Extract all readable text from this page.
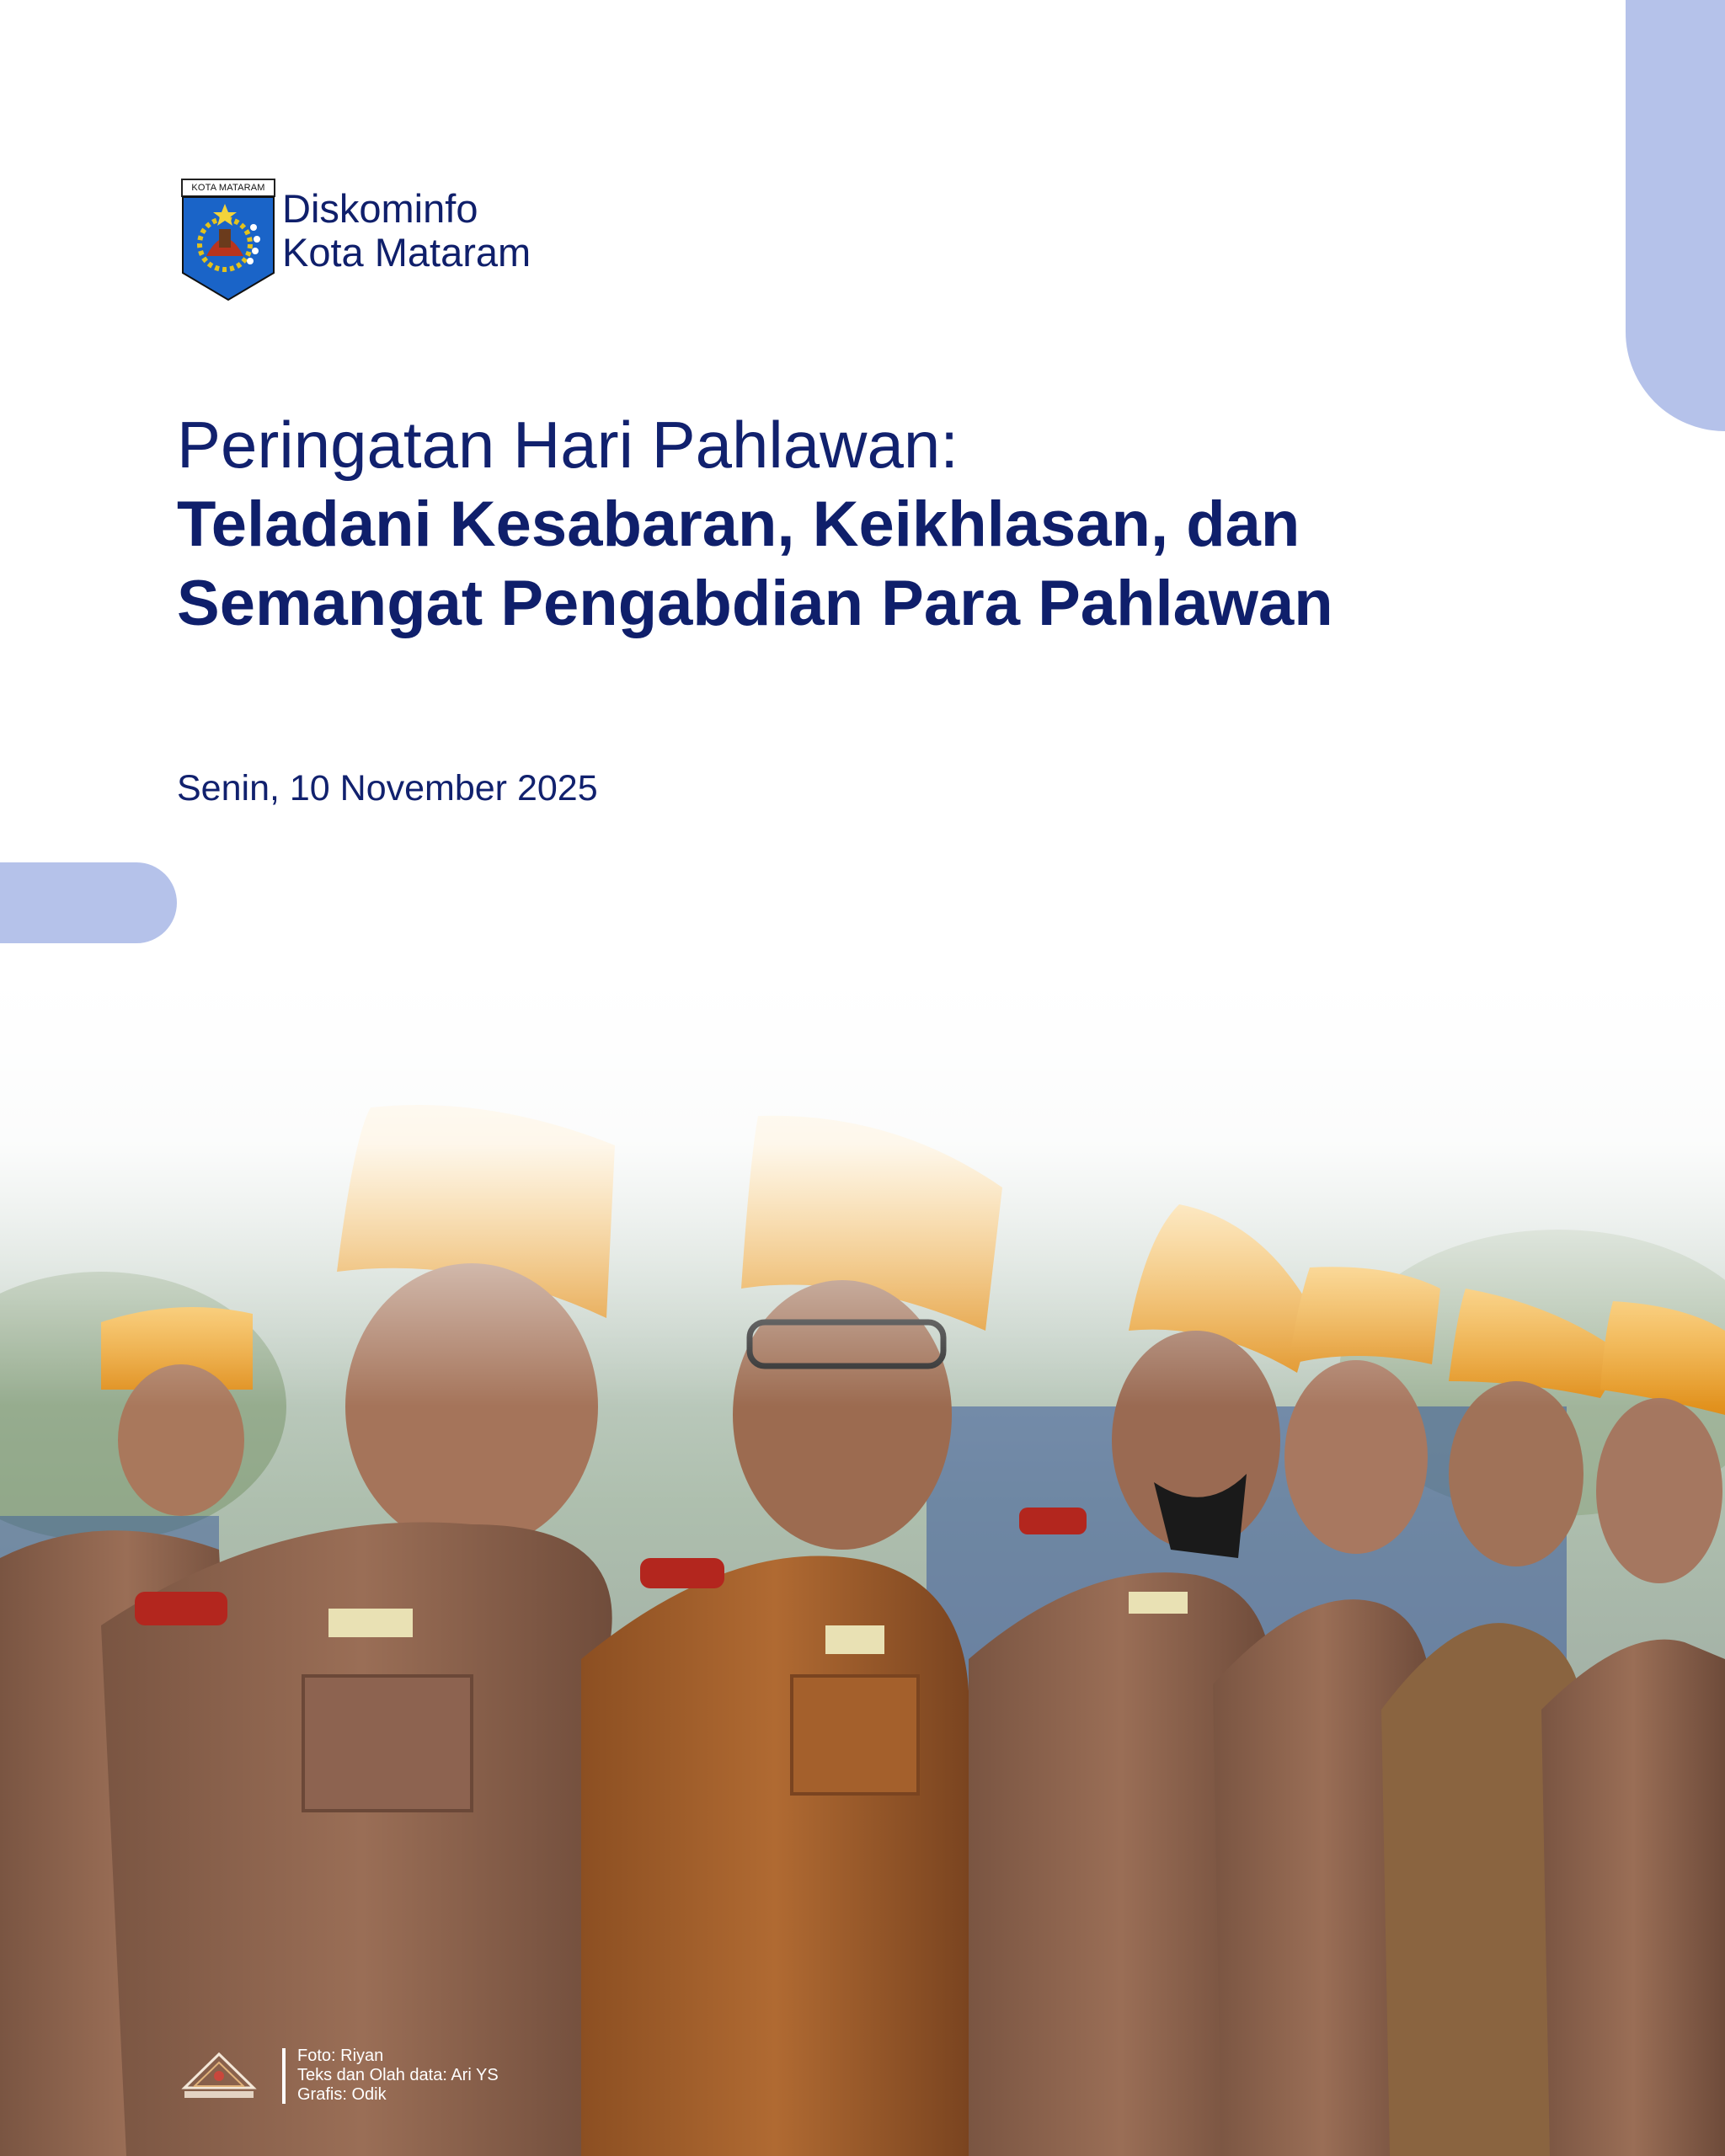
KOTA MATARAM Diskominfo
Kota Mataram

Peringatan Hari Pahlawan:

Teladani Kesabaran, Keikhlasan, dan

Semangat Pengabdian Para Pahlawan

Senin, 10 November 2025
Foto: Riyan
Teks dan Olah data: Ari YS
Grafis: Odik
